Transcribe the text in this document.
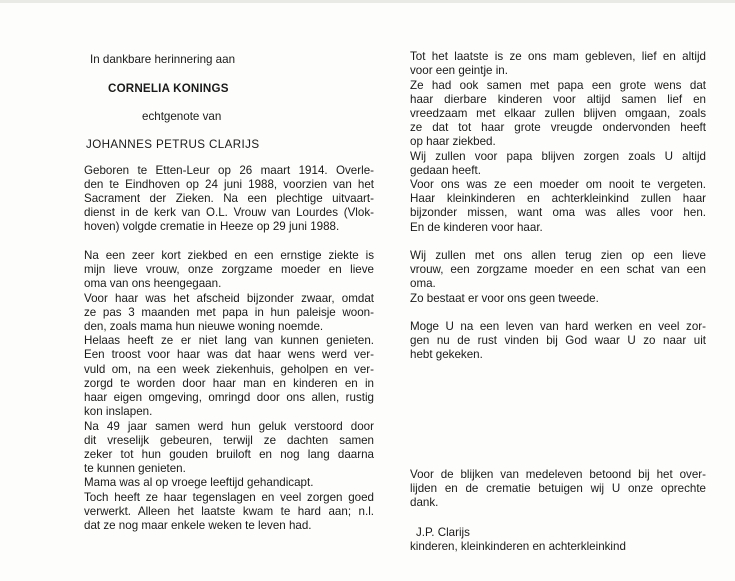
In dankbare herinnering aan
CORNELIA KONINGS
echtgenote van
JOHANNES PETRUS CLARIJS
Geboren te Etten-Leur op 26 maart 1914. Overle-
den te Eindhoven op 24 juni 1988, voorzien van het
Sacrament der Zieken. Na een plechtige uitvaart-
dienst in de kerk van O.L. Vrouw van Lourdes (Vlok-
hoven) volgde crematie in Heeze op 29 juni 1988.
Na een zeer kort ziekbed en een ernstige ziekte is
mijn lieve vrouw, onze zorgzame moeder en lieve
oma van ons heengegaan.
Voor haar was het afscheid bijzonder zwaar, omdat
ze pas 3 maanden met papa in hun paleisje woon-
den, zoals mama hun nieuwe woning noemde.
Helaas heeft ze er niet lang van kunnen genieten.
Een troost voor haar was dat haar wens werd ver-
vuld om, na een week ziekenhuis, geholpen en ver-
zorgd te worden door haar man en kinderen en in
haar eigen omgeving, omringd door ons allen, rustig
kon inslapen.
Na 49 jaar samen werd hun geluk verstoord door
dit vreselijk gebeuren, terwijl ze dachten samen
zeker tot hun gouden bruiloft en nog lang daarna
te kunnen genieten.
Mama was al op vroege leeftijd gehandicapt.
Toch heeft ze haar tegenslagen en veel zorgen goed
verwerkt. Alleen het laatste kwam te hard aan; n.l.
dat ze nog maar enkele weken te leven had.
Tot het laatste is ze ons mam gebleven, lief en altijd
voor een geintje in.
Ze had ook samen met papa een grote wens dat
haar dierbare kinderen voor altijd samen lief en
vreedzaam met elkaar zullen blijven omgaan, zoals
ze dat tot haar grote vreugde ondervonden heeft
op haar ziekbed.
Wij zullen voor papa blijven zorgen zoals U altijd
gedaan heeft.
Voor ons was ze een moeder om nooit te vergeten.
Haar kleinkinderen en achterkleinkind zullen haar
bijzonder missen, want oma was alles voor hen.
En de kinderen voor haar.
Wij zullen met ons allen terug zien op een lieve
vrouw, een zorgzame moeder en een schat van een
oma.
Zo bestaat er voor ons geen tweede.
Moge U na een leven van hard werken en veel zor-
gen nu de rust vinden bij God waar U zo naar uit
hebt gekeken.
Voor de blijken van medeleven betoond bij het over-
lijden en de crematie betuigen wij U onze oprechte
dank.
J.P. Clarijs
kinderen, kleinkinderen en achterkleinkind
